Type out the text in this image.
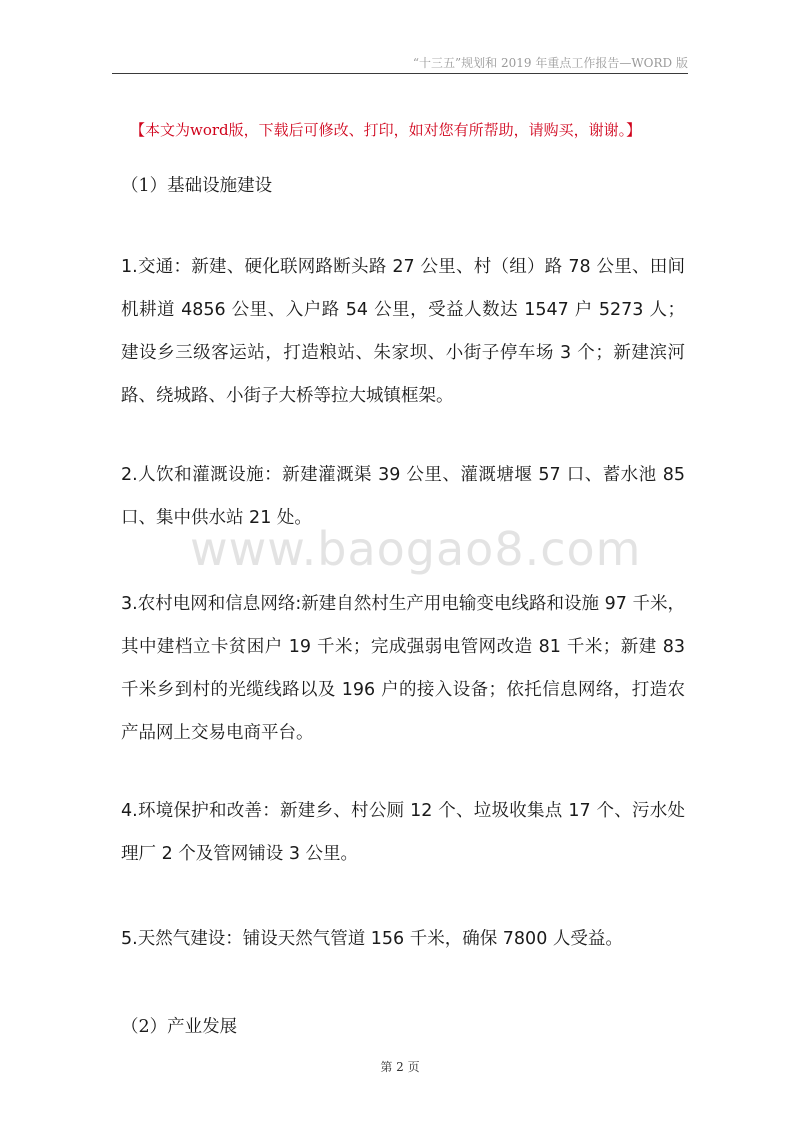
“十三五”规划和 2019 年重点工作报告—WORD 版
【本文为word版，下载后可修改、打印，如对您有所帮助，请购买，谢谢。】
（1）基础设施建设
1.交通：新建、硬化联网路断头路 27 公里、村（组）路 78 公里、田间机耕道 4856 公里、入户路 54 公里，受益人数达 1547 户 5273 人；建设乡三级客运站，打造粮站、朱家坝、小街子停车场 3 个；新建滨河路、绕城路、小街子大桥等拉大城镇框架。
2.人饮和灌溉设施：新建灌溉渠 39 公里、灌溉塘堰 57 口、蓄水池 85 口、集中供水站 21 处。
3.农村电网和信息网络:新建自然村生产用电输变电线路和设施 97 千米，其中建档立卡贫困户 19 千米；完成强弱电管网改造 81 千米；新建 83 千米乡到村的光缆线路以及 196 户的接入设备；依托信息网络，打造农产品网上交易电商平台。
4.环境保护和改善：新建乡、村公厕 12 个、垃圾收集点 17 个、污水处理厂 2 个及管网铺设 3 公里。
5.天然气建设：铺设天然气管道 156 千米，确保 7800 人受益。
（2）产业发展
www.baogao8.com
第 2 页
